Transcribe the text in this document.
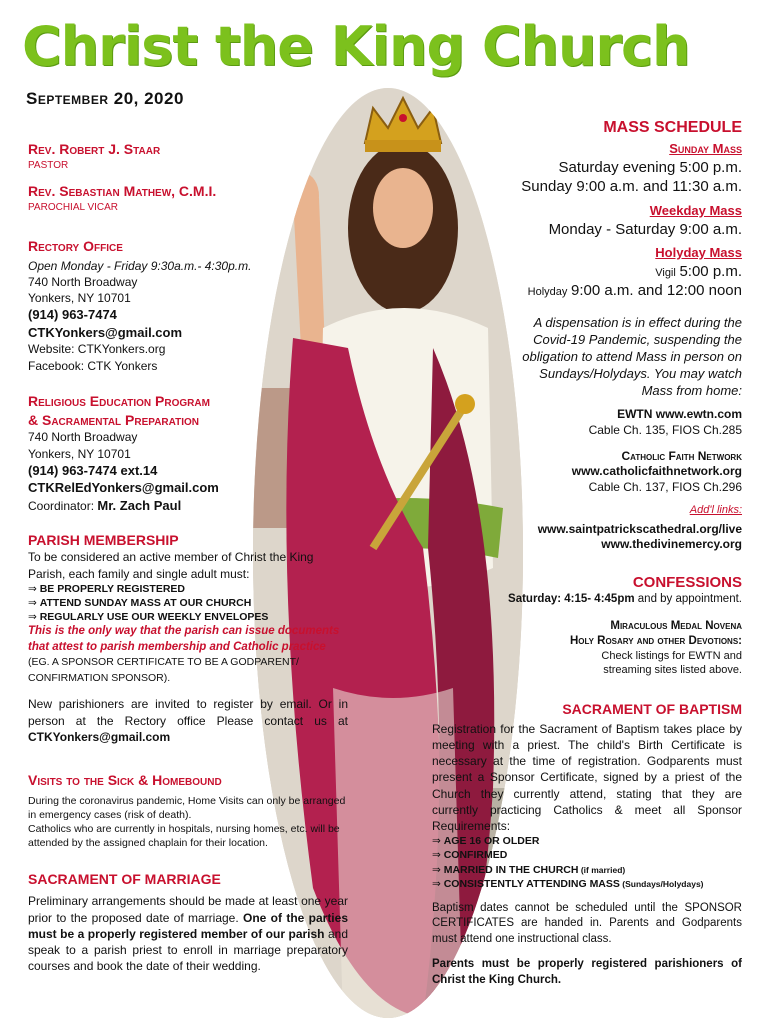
Christ the King Church
September 20, 2020
Rev. Robert J. Staar
PASTOR
Rev. Sebastian Mathew, C.M.I.
PAROCHIAL VICAR
Rectory Office
Open Monday - Friday 9:30a.m.- 4:30p.m.
740 North Broadway
Yonkers, NY 10701
(914) 963-7474
CTKYonkers@gmail.com
Website: CTKYonkers.org
Facebook: CTK Yonkers
Religious Education Program
& Sacramental Preparation
740 North Broadway
Yonkers, NY 10701
(914) 963-7474 ext.14
CTKRelEdYonkers@gmail.com
Coordinator: Mr. Zach Paul
PARISH MEMBERSHIP
To be considered an active member of Christ the King Parish, each family and single adult must:
⇒ BE PROPERLY REGISTERED
⇒ ATTEND SUNDAY MASS AT OUR CHURCH
⇒ REGULARLY USE OUR WEEKLY ENVELOPES
This is the only way that the parish can issue documents that attest to parish membership and Catholic practice (EG. A SPONSOR CERTIFICATE TO BE A GODPARENT/ CONFIRMATION SPONSOR).
New parishioners are invited to register by email. Or in person at the Rectory office Please contact us at CTKYonkers@gmail.com
Visits to the Sick & Homebound
During the coronavirus pandemic, Home Visits can only be arranged in emergency cases (risk of death).
Catholics who are currently in hospitals, nursing homes, etc. will be attended by the assigned chaplain for their location.
SACRAMENT OF MARRIAGE
Preliminary arrangements should be made at least one year prior to the proposed date of marriage. One of the parties must be a properly registered member of our parish and speak to a parish priest to enroll in marriage preparatory courses and book the date of their wedding.
MASS SCHEDULE
Sunday Mass
Saturday evening 5:00 p.m.
Sunday 9:00 a.m. and 11:30 a.m.
Weekday Mass
Monday - Saturday 9:00 a.m.
Holyday Mass
Vigil 5:00 p.m.
Holyday 9:00 a.m. and 12:00 noon
A dispensation is in effect during the Covid-19 Pandemic, suspending the obligation to attend Mass in person on Sundays/Holydays. You may watch Mass from home:
EWTN www.ewtn.com
Cable Ch. 135, FIOS Ch.285
Catholic Faith Network
www.catholicfaithnetwork.org
Cable Ch. 137, FIOS Ch.296
Add'l links:
www.saintpatrickscathedral.org/live
www.thedivinemercy.org
CONFESSIONS
Saturday: 4:15- 4:45pm and by appointment.
Miraculous Medal Novena
Holy Rosary and other Devotions:
Check listings for EWTN and
streaming sites listed above.
SACRAMENT OF BAPTISM
Registration for the Sacrament of Baptism takes place by meeting with a priest. The child's Birth Certificate is necessary at the time of registration. Godparents must present a Sponsor Certificate, signed by a priest of the Church they currently attend, stating that they are currently practicing Catholics & meet all Sponsor Requirements:
⇒ AGE 16 OR OLDER
⇒ CONFIRMED
⇒ MARRIED IN THE CHURCH (if married)
⇒ CONSISTENTLY ATTENDING MASS (Sundays/Holydays)
Baptism dates cannot be scheduled until the SPONSOR CERTIFICATES are handed in. Parents and Godparents must attend one instructional class.
Parents must be properly registered parishioners of Christ the King Church.
